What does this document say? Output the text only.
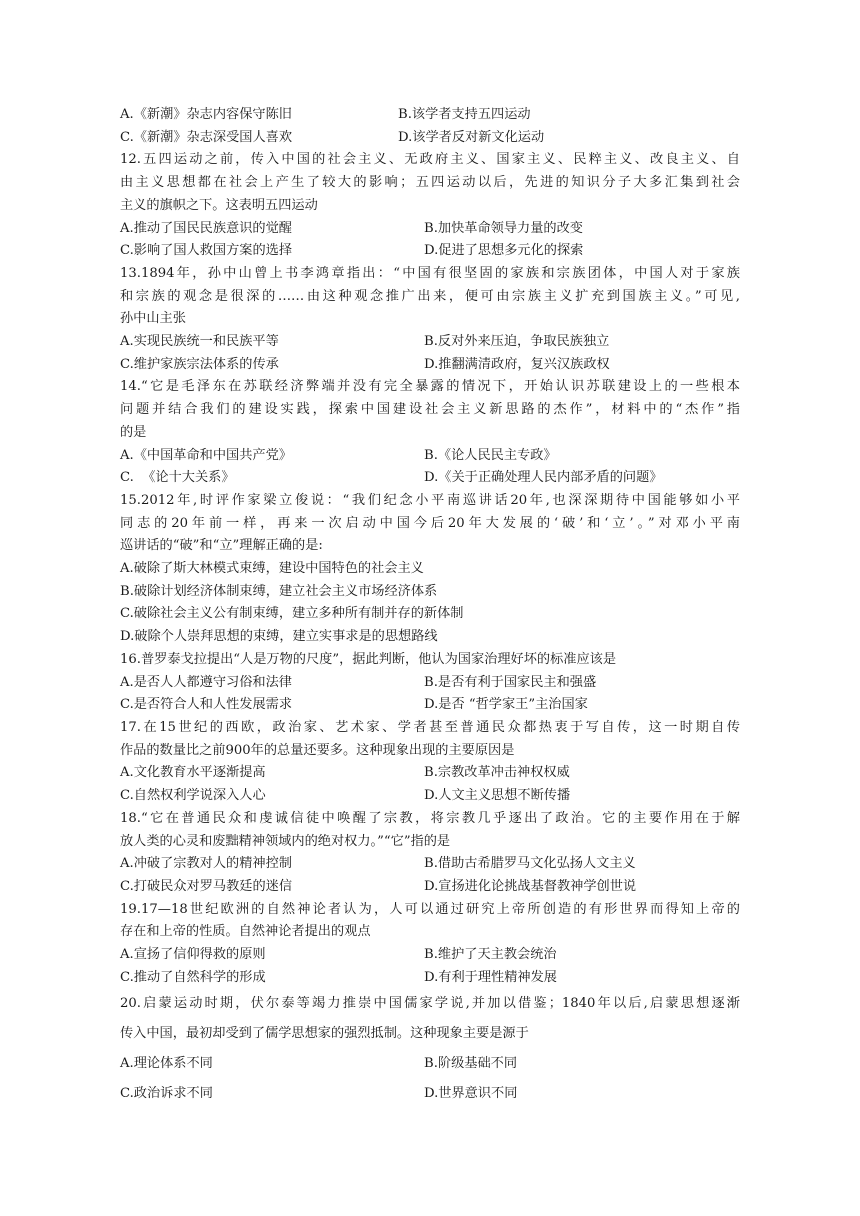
A.《新潮》杂志内容保守陈旧	B.该学者支持五四运动
C.《新潮》杂志深受国人喜欢	D.该学者反对新文化运动
12.五四运动之前，传入中国的社会主义、无政府主义、国家主义、民粹主义、改良主义、自
由主义思想都在社会上产生了较大的影响；五四运动以后，先进的知识分子大多汇集到社会
主义的旗帜之下。这表明五四运动
A.推动了国民民族意识的觉醒	B.加快革命领导力量的改变
C.影响了国人救国方案的选择	D.促进了思想多元化的探索
13.1894年，孙中山曾上书李鸿章指出：“中国有很坚固的家族和宗族团体，中国人对于家族
和宗族的观念是很深的……由这种观念推广出来，便可由宗族主义扩充到国族主义。”可见,
孙中山主张
A.实现民族统一和民族平等	B.反对外来压迫，争取民族独立
C.维护家族宗法体系的传承	D.推翻满清政府，复兴汉族政权
14.“它是毛泽东在苏联经济弊端并没有完全暴露的情况下，开始认识苏联建设上的一些根本
问题并结合我们的建设实践，探索中国建设社会主义新思路的杰作”，材料中的“杰作”指
的是
A.《中国革命和中国共产党》	B.《论人民民主专政》
C.  《论十大关系》	D.《关于正确处理人民内部矛盾的问题》
15.2012年,时评作家梁立俊说：“我们纪念小平南巡讲话20年,也深深期待中国能够如小平
同志的20年前一样，再来一次启动中国今后20年大发展的‘破’和‘立’。”对邓小平南
巡讲话的“破”和“立”理解正确的是:
A.破除了斯大林模式束缚，建设中国特色的社会主义
B.破除计划经济体制束缚，建立社会主义市场经济体系
C.破除社会主义公有制束缚，建立多种所有制并存的新体制
D.破除个人崇拜思想的束缚，建立实事求是的思想路线
16.普罗泰戈拉提出“人是万物的尺度”，据此判断，他认为国家治理好坏的标准应该是
A.是否人人都遵守习俗和法律	B.是否有利于国家民主和强盛
C.是否符合人和人性发展需求	D.是否 “哲学家王”主治国家
17.在15世纪的西欧，政治家、艺术家、学者甚至普通民众都热衷于写自传，这一时期自传
作品的数量比之前900年的总量还要多。这种现象出现的主要原因是
A.文化教育水平逐渐提高	B.宗教改革冲击神权权威
C.自然权利学说深入人心	D.人文主义思想不断传播
18.“它在普通民众和虔诚信徒中唤醒了宗教，将宗教几乎逐出了政治。它的主要作用在于解
放人类的心灵和废黜精神领域内的绝对权力。”“它”指的是
A.冲破了宗教对人的精神控制	B.借助古希腊罗马文化弘扬人文主义
C.打破民众对罗马教廷的迷信	D.宣扬进化论挑战基督教神学创世说
19.17—18世纪欧洲的自然神论者认为，人可以通过研究上帝所创造的有形世界而得知上帝的
存在和上帝的性质。自然神论者提出的观点
A.宣扬了信仰得救的原则	B.维护了天主教会统治
C.推动了自然科学的形成	D.有利于理性精神发展
20.启蒙运动时期，伏尔泰等竭力推崇中国儒家学说,并加以借鉴；1840年以后,启蒙思想逐渐
传入中国，最初却受到了儒学思想家的强烈抵制。这种现象主要是源于
A.理论体系不同	B.阶级基础不同
C.政治诉求不同	D.世界意识不同
